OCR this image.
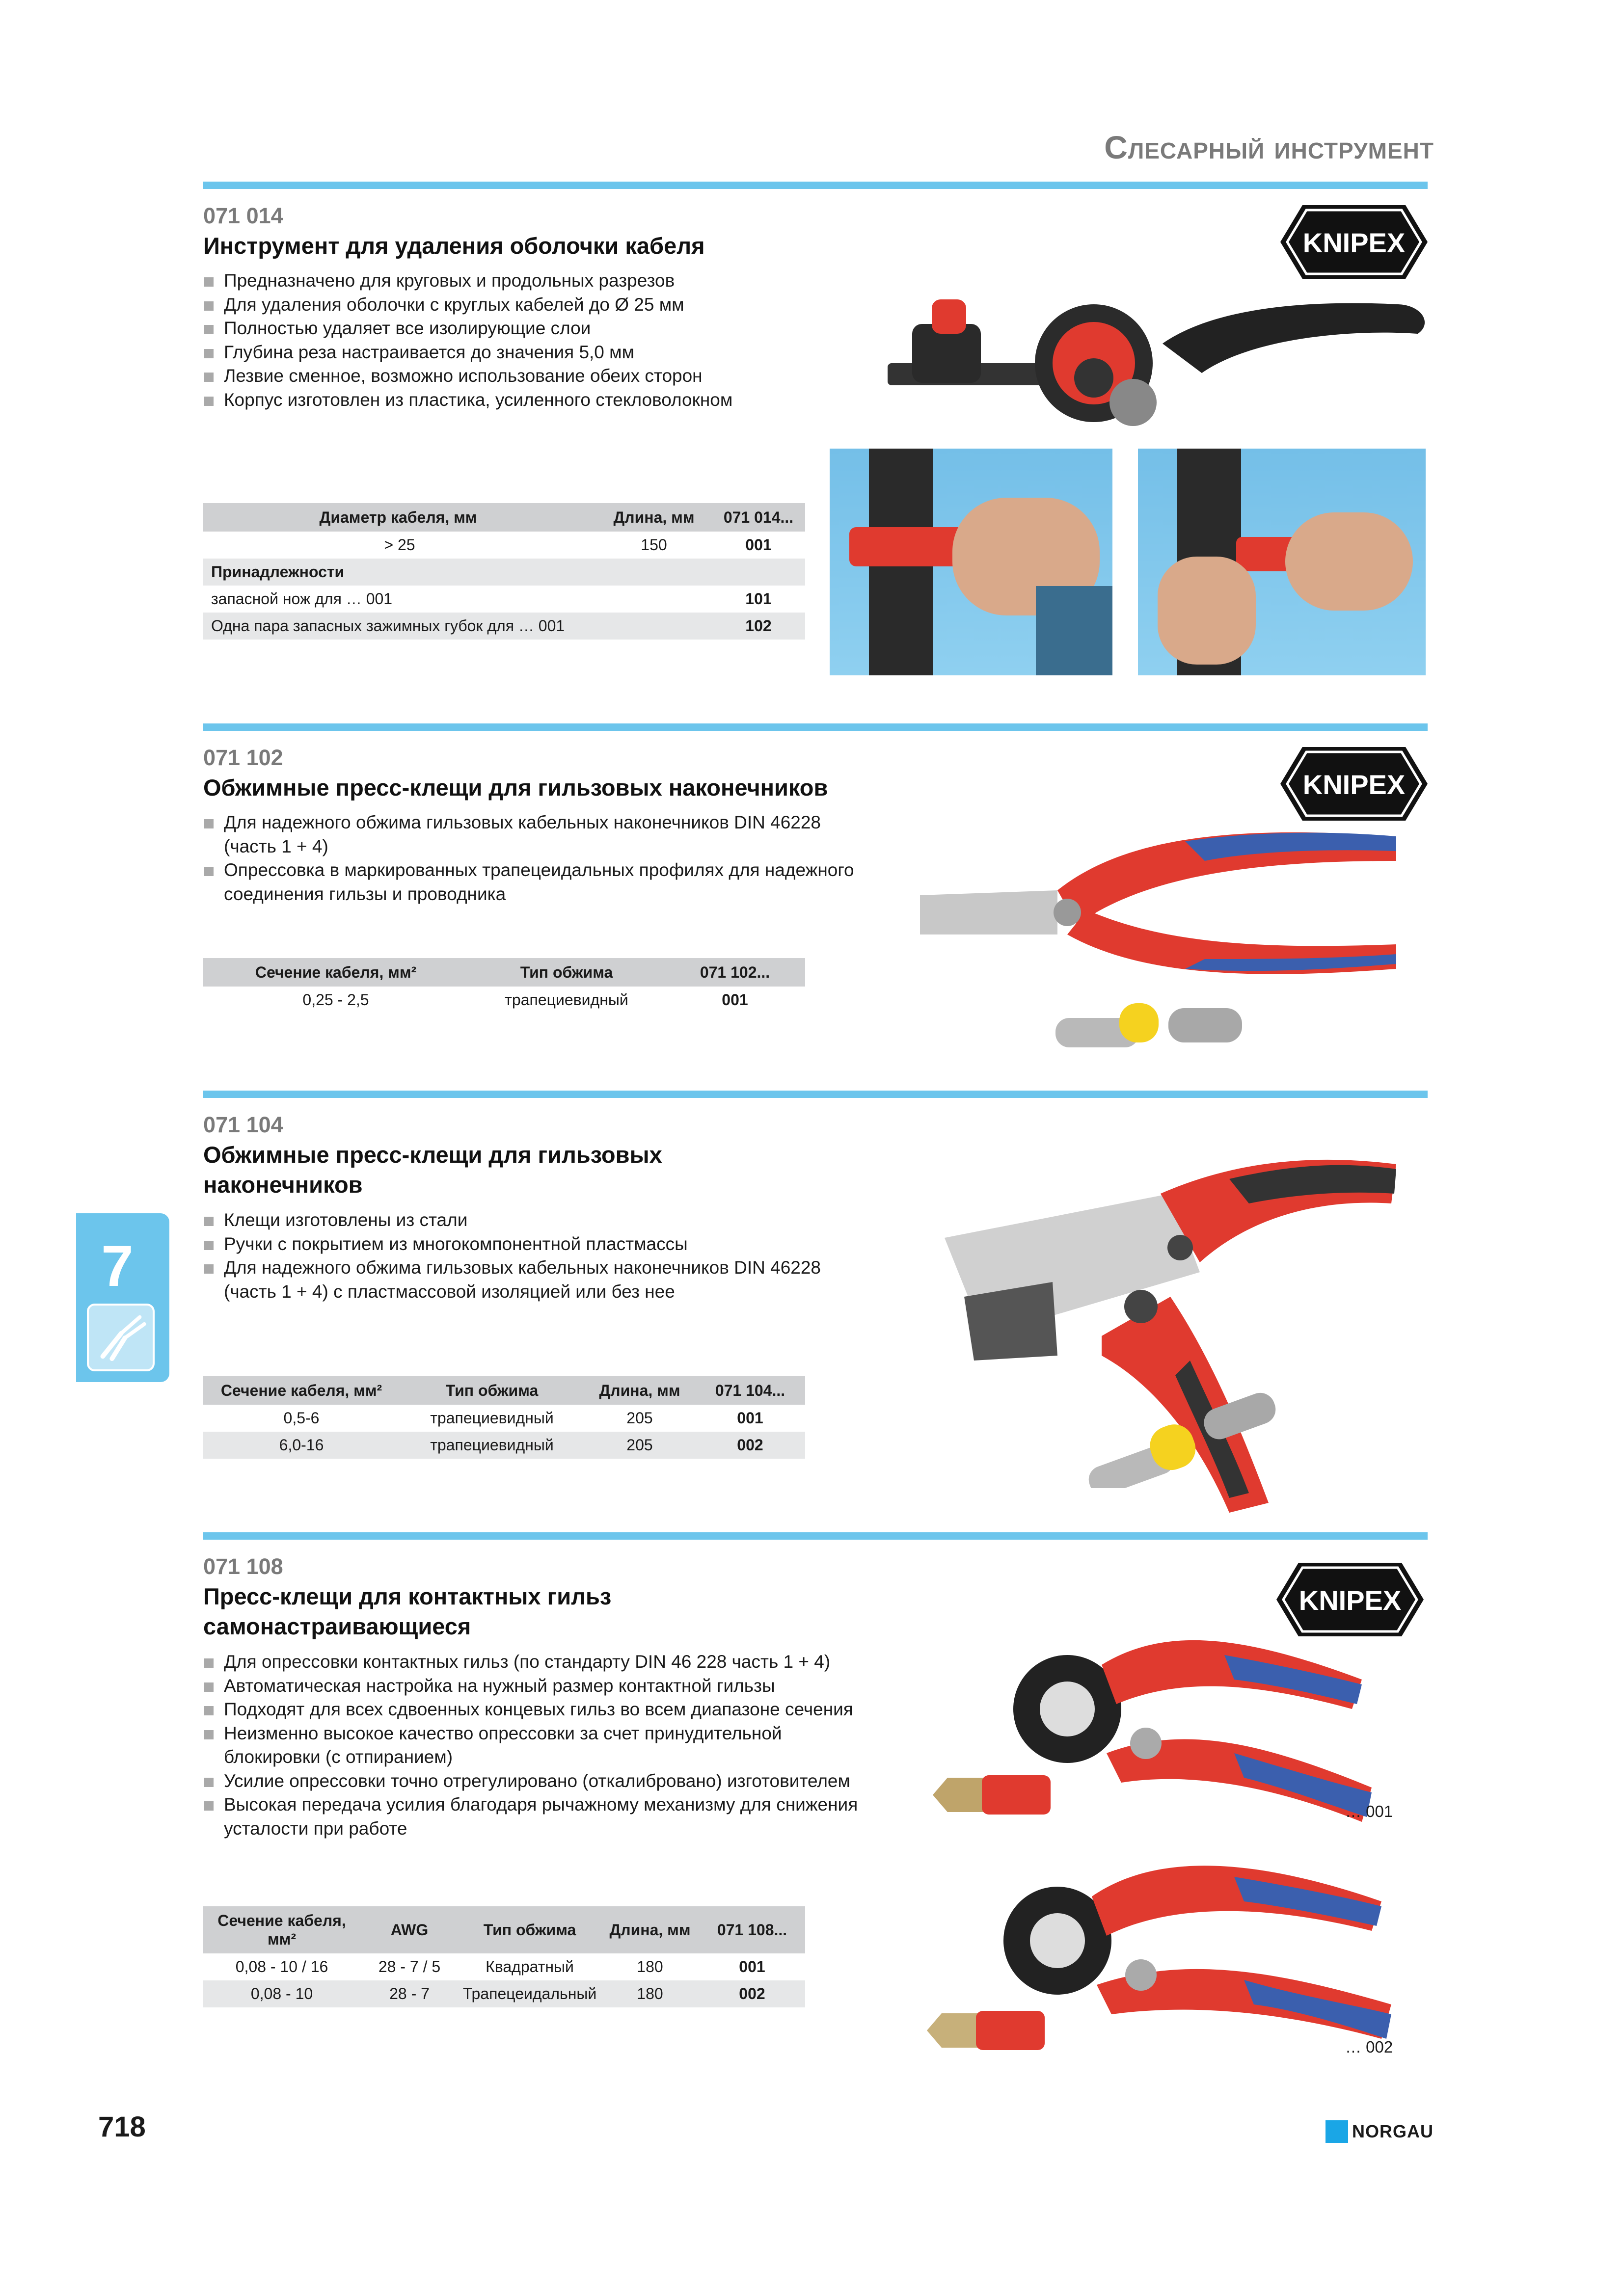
Слесарный инструмент
071 014
Инструмент для удаления оболочки кабеля
Предназначено для круговых и продольных разрезов
Для удаления оболочки с круглых кабелей до Ø 25 мм
Полностью удаляет все изолирующие слои
Глубина реза настраивается до значения 5,0 мм
Лезвие сменное, возможно использование обеих сторон
Корпус изготовлен из пластика, усиленного стекловолокном
Диаметр кабеля, мм	Длина, мм	071 014...
> 25	150	001
Принадлежности		
запасной нож для … 001		101
Одна пара запасных зажимных губок для … 001		102
KNIPEX
071 102
Обжимные пресс-клещи для гильзовых наконечников
Для надежного обжима гильзовых кабельных наконечников DIN 46228 (часть 1 + 4)
Опрессовка в маркированных трапецеидальных профилях для надежного соединения гильзы и проводника
Сечение кабеля, мм²	Тип обжима	071 102...
0,25 - 2,5	трапециевидный	001
KNIPEX
071 104
Обжимные пресс-клещи для гильзовых наконечников
Клещи изготовлены из стали
Ручки с покрытием из многокомпонентной пластмассы
Для надежного обжима гильзовых кабельных наконечников DIN 46228 (часть 1 + 4) с пластмассовой изоляцией или без нее
Сечение кабеля, мм²	Тип обжима	Длина, мм	071 104...
0,5-6	трапециевидный	205	001
6,0-16	трапециевидный	205	002
071 108
Пресс-клещи для контактных гильз самонастраивающиеся
Для опрессовки контактных гильз (по стандарту DIN 46 228 часть 1 + 4)
Автоматическая настройка на нужный размер контактной гильзы
Подходят для всех сдвоенных концевых гильз во всем диапазоне сечения
Неизменно высокое качество опрессовки за счет принудительной блокировки (с отпиранием)
Усилие опрессовки точно отрегулировано (откалибровано) изготовителем
Высокая передача усилия благодаря рычажному механизму для снижения усталости при работе
Сечение кабеля, мм²	AWG	Тип обжима	Длина, мм	071 108...
0,08 - 10 / 16	28 - 7 / 5	Квадратный	180	001
0,08 - 10	28 - 7	Трапецеидальный	180	002
KNIPEX
… 001
… 002
7
718	NORGAU
